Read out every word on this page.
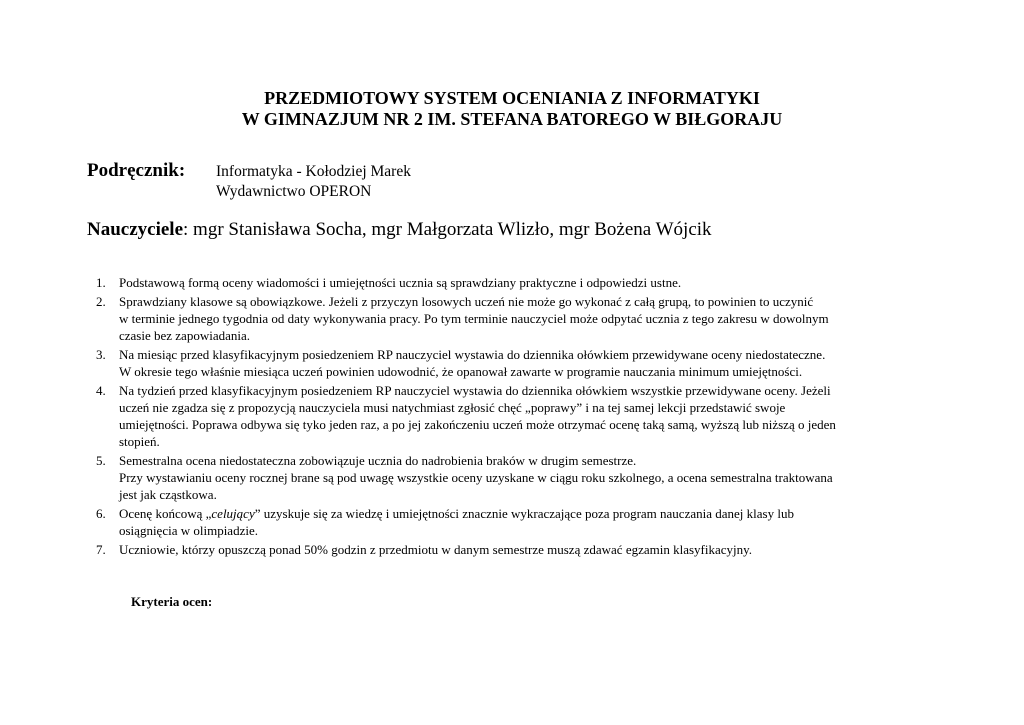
PRZEDMIOTOWY SYSTEM OCENIANIA Z INFORMATYKI
W GIMNAZJUM NR 2 IM. STEFANA BATOREGO W BIŁGORAJU
Podręcznik: Informatyka - Kołodziej Marek
Wydawnictwo OPERON
Nauczyciele: mgr Stanisława Socha, mgr Małgorzata Wlizło, mgr Bożena Wójcik
1. Podstawową formą oceny wiadomości i umiejętności ucznia są sprawdziany praktyczne i odpowiedzi ustne.
2. Sprawdziany klasowe są obowiązkowe. Jeżeli z przyczyn losowych uczeń nie może go wykonać z całą grupą, to powinien to uczynić
w terminie jednego tygodnia od daty wykonywania pracy. Po tym terminie nauczyciel może odpytać ucznia z tego zakresu w dowolnym
czasie bez zapowiadania.
3. Na miesiąc przed klasyfikacyjnym posiedzeniem RP nauczyciel wystawia do dziennika ołówkiem przewidywane oceny niedostateczne.
W okresie tego właśnie miesiąca uczeń powinien udowodnić, że opanował zawarte w programie nauczania minimum umiejętności.
4. Na tydzień przed klasyfikacyjnym posiedzeniem RP nauczyciel wystawia do dziennika ołówkiem wszystkie przewidywane oceny. Jeżeli
uczeń nie zgadza się z propozycją nauczyciela musi natychmiast zgłosić chęć „poprawy” i na tej samej lekcji przedstawić swoje
umiejętności. Poprawa odbywa się tyko jeden raz, a po jej zakończeniu uczeń może otrzymać ocenę taką samą, wyższą lub niższą o jeden
stopień.
5. Semestralna ocena niedostateczna zobowiązuje ucznia do nadrobienia braków w drugim semestrze.
Przy wystawianiu oceny rocznej brane są pod uwagę wszystkie oceny uzyskane w ciągu roku szkolnego, a ocena semestralna traktowana
jest jak cząstkowa.
6. Ocenę końcową „celujący” uzyskuje się za wiedzę i umiejętności znacznie wykraczające poza program nauczania danej klasy lub
osiągnięcia w olimpiadzie.
7. Uczniowie, którzy opuszczą ponad 50% godzin z przedmiotu w danym semestrze muszą zdawać egzamin klasyfikacyjny.
Kryteria ocen:
